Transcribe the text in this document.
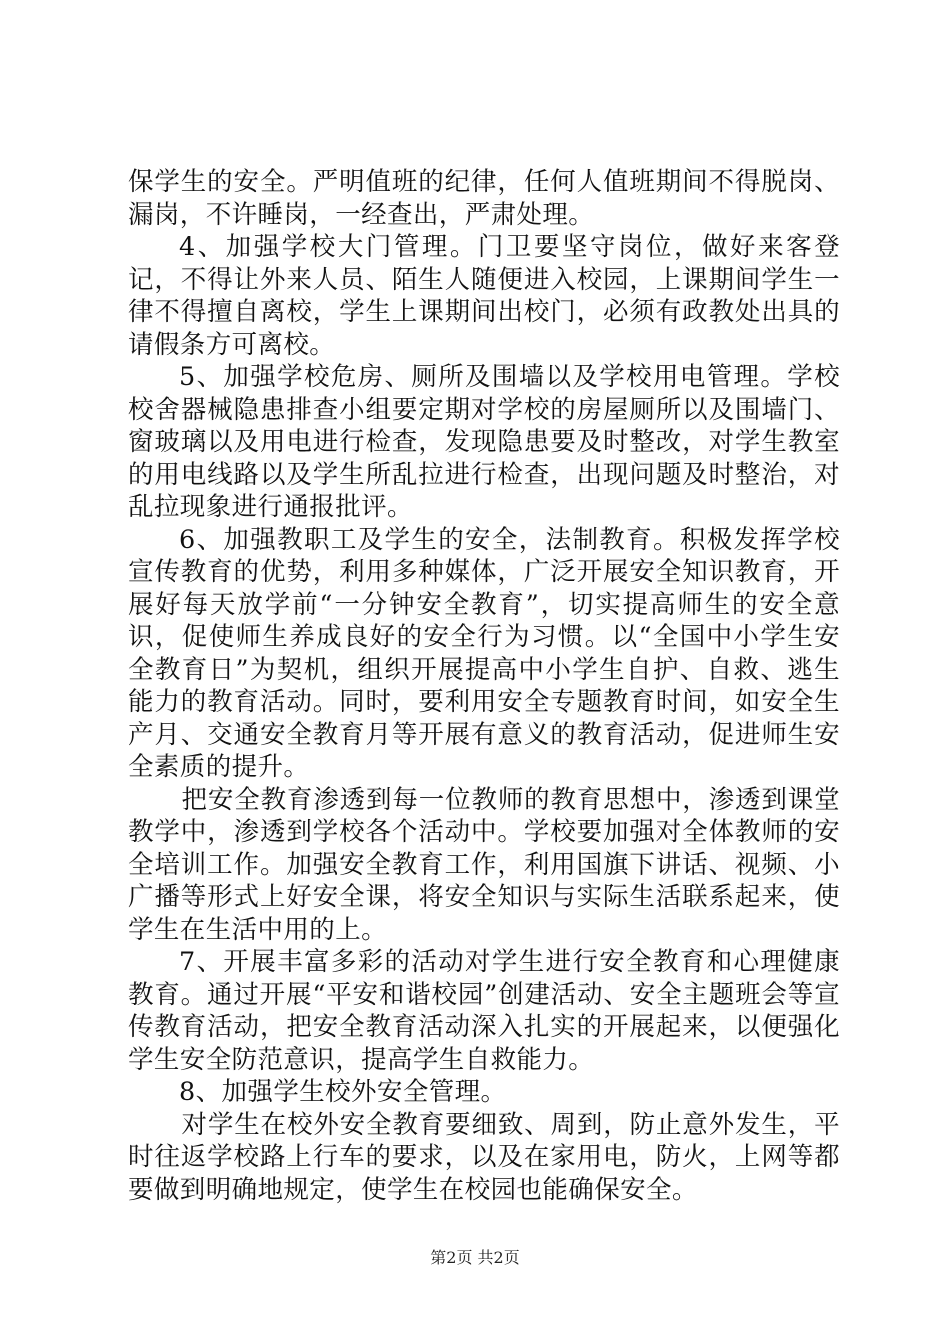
保学生的安全。严明值班的纪律，任何人值班期间不得脱岗、漏岗，不许睡岗，一经查出，严肃处理。

4、加强学校大门管理。门卫要坚守岗位，做好来客登记，不得让外来人员、陌生人随便进入校园，上课期间学生一律不得擅自离校，学生上课期间出校门，必须有政教处出具的请假条方可离校。

5、加强学校危房、厕所及围墙以及学校用电管理。学校校舍器械隐患排查小组要定期对学校的房屋厕所以及围墙门、窗玻璃以及用电进行检查，发现隐患要及时整改，对学生教室的用电线路以及学生所乱拉进行检查，出现问题及时整治，对乱拉现象进行通报批评。

6、加强教职工及学生的安全，法制教育。积极发挥学校宣传教育的优势，利用多种媒体，广泛开展安全知识教育，开展好每天放学前“一分钟安全教育”，切实提高师生的安全意识，促使师生养成良好的安全行为习惯。以“全国中小学生安全教育日”为契机，组织开展提高中小学生自护、自救、逃生能力的教育活动。同时，要利用安全专题教育时间，如安全生产月、交通安全教育月等开展有意义的教育活动，促进师生安全素质的提升。

把安全教育渗透到每一位教师的教育思想中，渗透到课堂教学中，渗透到学校各个活动中。学校要加强对全体教师的安全培训工作。加强安全教育工作，利用国旗下讲话、视频、小广播等形式上好安全课，将安全知识与实际生活联系起来，使学生在生活中用的上。

7、开展丰富多彩的活动对学生进行安全教育和心理健康教育。通过开展“平安和谐校园”创建活动、安全主题班会等宣传教育活动，把安全教育活动深入扎实的开展起来，以便强化学生安全防范意识，提高学生自救能力。

8、加强学生校外安全管理。

对学生在校外安全教育要细致、周到，防止意外发生，平时往返学校路上行车的要求，以及在家用电，防火，上网等都要做到明确地规定，使学生在校园也能确保安全。

第2页 共2页
